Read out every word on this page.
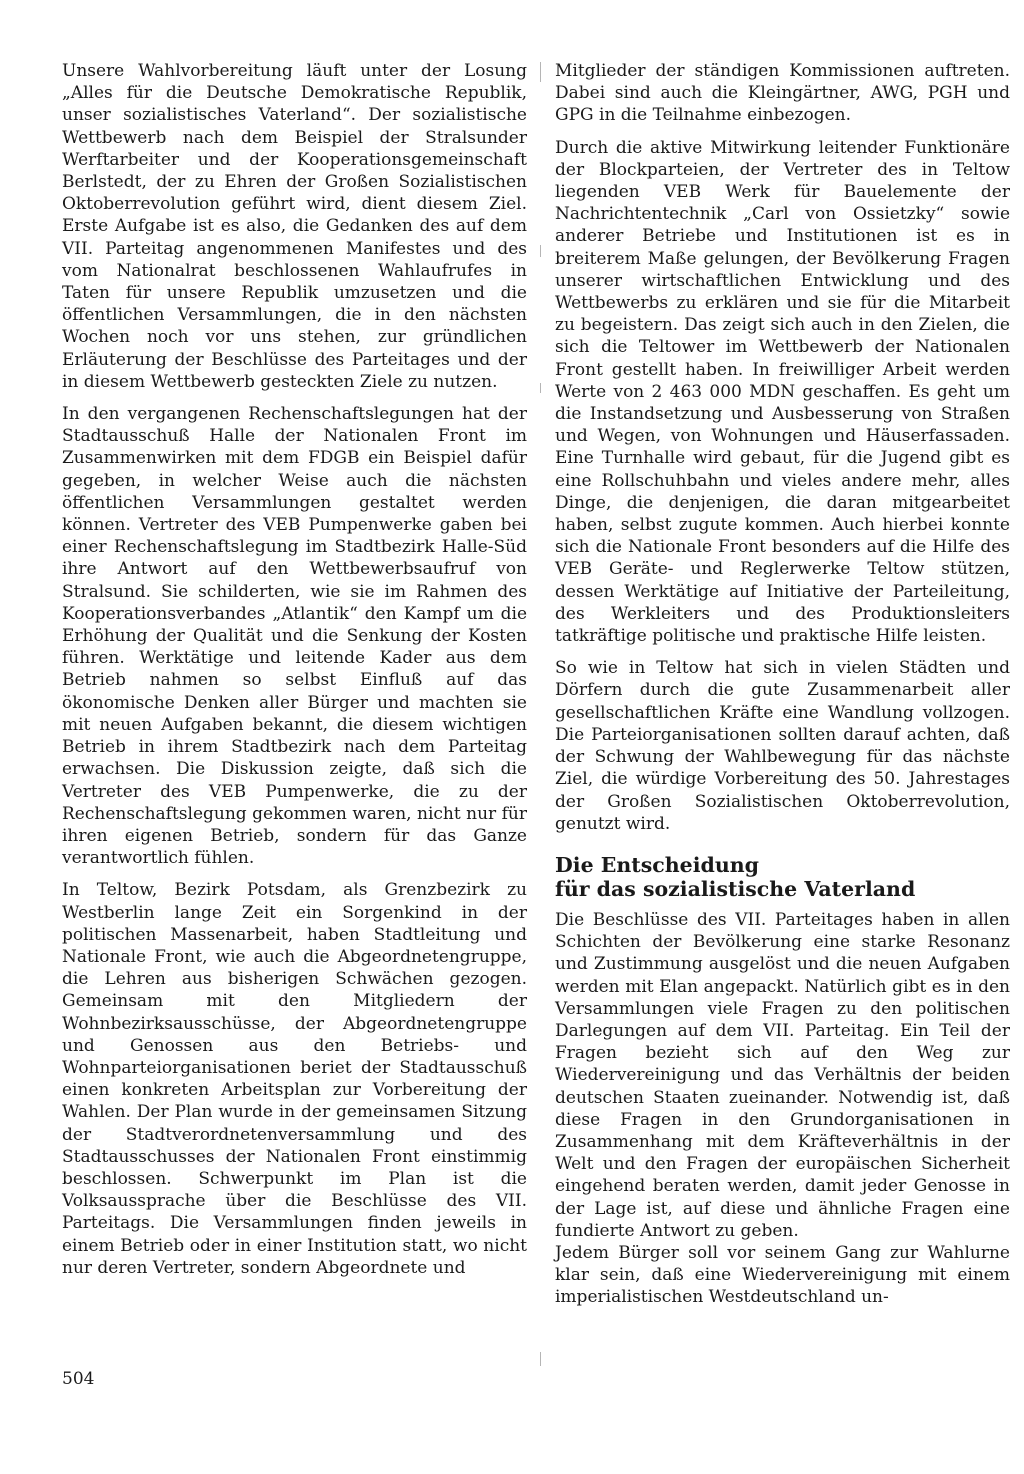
Unsere Wahlvorbereitung läuft unter der Losung „Alles für die Deutsche Demokratische Republik, unser sozialistisches Vaterland“. Der sozialistische Wettbewerb nach dem Beispiel der Stralsunder Werftarbeiter und der Kooperationsgemeinschaft Berlstedt, der zu Ehren der Großen Sozialistischen Oktoberrevolution geführt wird, dient diesem Ziel. Erste Aufgabe ist es also, die Gedanken des auf dem VII. Parteitag angenommenen Manifestes und des vom Nationalrat beschlossenen Wahlaufrufes in Taten für unsere Republik umzusetzen und die öffentlichen Versammlungen, die in den nächsten Wochen noch vor uns stehen, zur gründlichen Erläuterung der Beschlüsse des Parteitages und der in diesem Wettbewerb gesteckten Ziele zu nutzen.

In den vergangenen Rechenschaftslegungen hat der Stadtausschuß Halle der Nationalen Front im Zusammenwirken mit dem FDGB ein Beispiel dafür gegeben, in welcher Weise auch die nächsten öffentlichen Versammlungen gestaltet werden können. Vertreter des VEB Pumpenwerke gaben bei einer Rechenschaftslegung im Stadtbezirk Halle-Süd ihre Antwort auf den Wettbewerbsaufruf von Stralsund. Sie schilderten, wie sie im Rahmen des Kooperationsverbandes „Atlantik“ den Kampf um die Erhöhung der Qualität und die Senkung der Kosten führen. Werktätige und leitende Kader aus dem Betrieb nahmen so selbst Einfluß auf das ökonomische Denken aller Bürger und machten sie mit neuen Aufgaben bekannt, die diesem wichtigen Betrieb in ihrem Stadtbezirk nach dem Parteitag erwachsen. Die Diskussion zeigte, daß sich die Vertreter des VEB Pumpenwerke, die zu der Rechenschaftslegung gekommen waren, nicht nur für ihren eigenen Betrieb, sondern für das Ganze verantwortlich fühlen.

In Teltow, Bezirk Potsdam, als Grenzbezirk zu Westberlin lange Zeit ein Sorgenkind in der politischen Massenarbeit, haben Stadtleitung und Nationale Front, wie auch die Abgeordnetengruppe, die Lehren aus bisherigen Schwächen gezogen. Gemeinsam mit den Mitgliedern der Wohnbezirksausschüsse, der Abgeordnetengruppe und Genossen aus den Betriebs- und Wohnparteiorganisationen beriet der Stadtausschuß einen konkreten Arbeitsplan zur Vorbereitung der Wahlen. Der Plan wurde in der gemeinsamen Sitzung der Stadtverordnetenversammlung und des Stadtausschusses der Nationalen Front einstimmig beschlossen. Schwerpunkt im Plan ist die Volksaussprache über die Beschlüsse des VII. Parteitags. Die Versammlungen finden jeweils in einem Betrieb oder in einer Institution statt, wo nicht nur deren Vertreter, sondern Abgeordnete und

Mitglieder der ständigen Kommissionen auftreten. Dabei sind auch die Kleingärtner, AWG, PGH und GPG in die Teilnahme einbezogen.

Durch die aktive Mitwirkung leitender Funktionäre der Blockparteien, der Vertreter des in Teltow liegenden VEB Werk für Bauelemente der Nachrichtentechnik „Carl von Ossietzky“ sowie anderer Betriebe und Institutionen ist es in breiterem Maße gelungen, der Bevölkerung Fragen unserer wirtschaftlichen Entwicklung und des Wettbewerbs zu erklären und sie für die Mitarbeit zu begeistern. Das zeigt sich auch in den Zielen, die sich die Teltower im Wettbewerb der Nationalen Front gestellt haben. In freiwilliger Arbeit werden Werte von 2 463 000 MDN geschaffen. Es geht um die Instandsetzung und Ausbesserung von Straßen und Wegen, von Wohnungen und Häuserfassaden. Eine Turnhalle wird gebaut, für die Jugend gibt es eine Rollschuhbahn und vieles andere mehr, alles Dinge, die denjenigen, die daran mitgearbeitet haben, selbst zugute kommen. Auch hierbei konnte sich die Nationale Front besonders auf die Hilfe des VEB Geräte- und Reglerwerke Teltow stützen, dessen Werktätige auf Initiative der Parteileitung, des Werkleiters und des Produktionsleiters tatkräftige politische und praktische Hilfe leisten.

So wie in Teltow hat sich in vielen Städten und Dörfern durch die gute Zusammenarbeit aller gesellschaftlichen Kräfte eine Wandlung vollzogen. Die Parteiorganisationen sollten darauf achten, daß der Schwung der Wahlbewegung für das nächste Ziel, die würdige Vorbereitung des 50. Jahrestages der Großen Sozialistischen Oktoberrevolution, genutzt wird.

Die Entscheidung

für das sozialistische Vaterland

Die Beschlüsse des VII. Parteitages haben in allen Schichten der Bevölkerung eine starke Resonanz und Zustimmung ausgelöst und die neuen Aufgaben werden mit Elan angepackt. Natürlich gibt es in den Versammlungen viele Fragen zu den politischen Darlegungen auf dem VII. Parteitag. Ein Teil der Fragen bezieht sich auf den Weg zur Wiedervereinigung und das Verhältnis der beiden deutschen Staaten zueinander. Notwendig ist, daß diese Fragen in den Grundorganisationen in Zusammenhang mit dem Kräfteverhältnis in der Welt und den Fragen der europäischen Sicherheit eingehend beraten werden, damit jeder Genosse in der Lage ist, auf diese und ähnliche Fragen eine fundierte Antwort zu geben.

Jedem Bürger soll vor seinem Gang zur Wahlurne klar sein, daß eine Wiedervereinigung mit einem imperialistischen Westdeutschland un-

504
